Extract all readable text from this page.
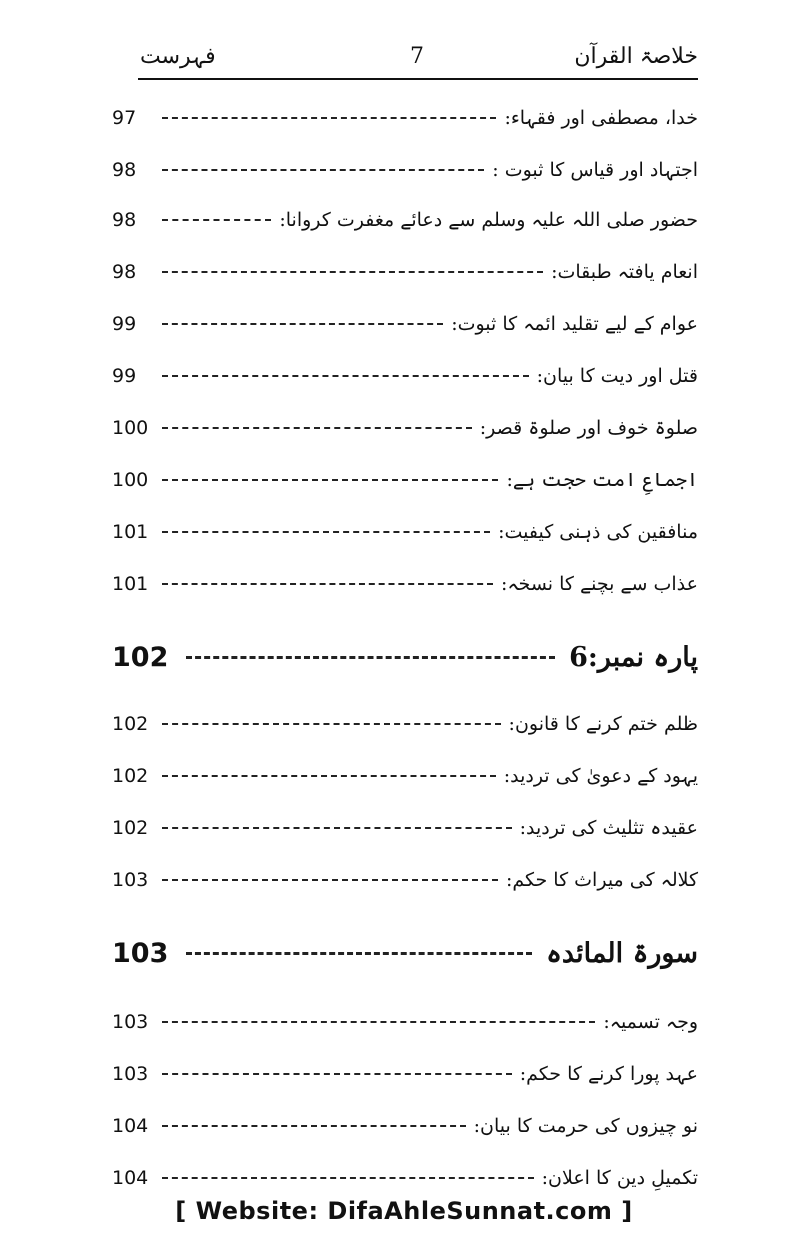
فہرست	7	خلاصۃ القرآن
97	خدا، مصطفی اور فقہاء:
98	اجتہاد اور قیاس کا ثبوت :
98	حضور صلی اللہ علیہ وسلم سے دعائے مغفرت کروانا:
98	انعام یافتہ طبقات:
99	عوام کے لیے تقلید ائمہ کا ثبوت:
99	قتل اور دیت کا بیان:
100	صلوۃ خوف اور صلوۃ قصر:
100	اجماعِ امت حجت ہے:
101	منافقین کی ذہنی کیفیت:
101	عذاب سے بچنے کا نسخہ:
102	پارہ نمبر:6
102	ظلم ختم کرنے کا قانون:
102	یہود کے دعویٰ کی تردید:
102	عقیدہ تثلیث کی تردید:
103	کلالہ کی میراث کا حکم:
103	سورۃ المائدہ
103	وجہ تسمیہ:
103	عہد پورا کرنے کا حکم:
104	نو چیزوں کی حرمت کا بیان:
104	تکمیلِ دین کا اعلان:
[ Website: DifaAhleSunnat.com ]
